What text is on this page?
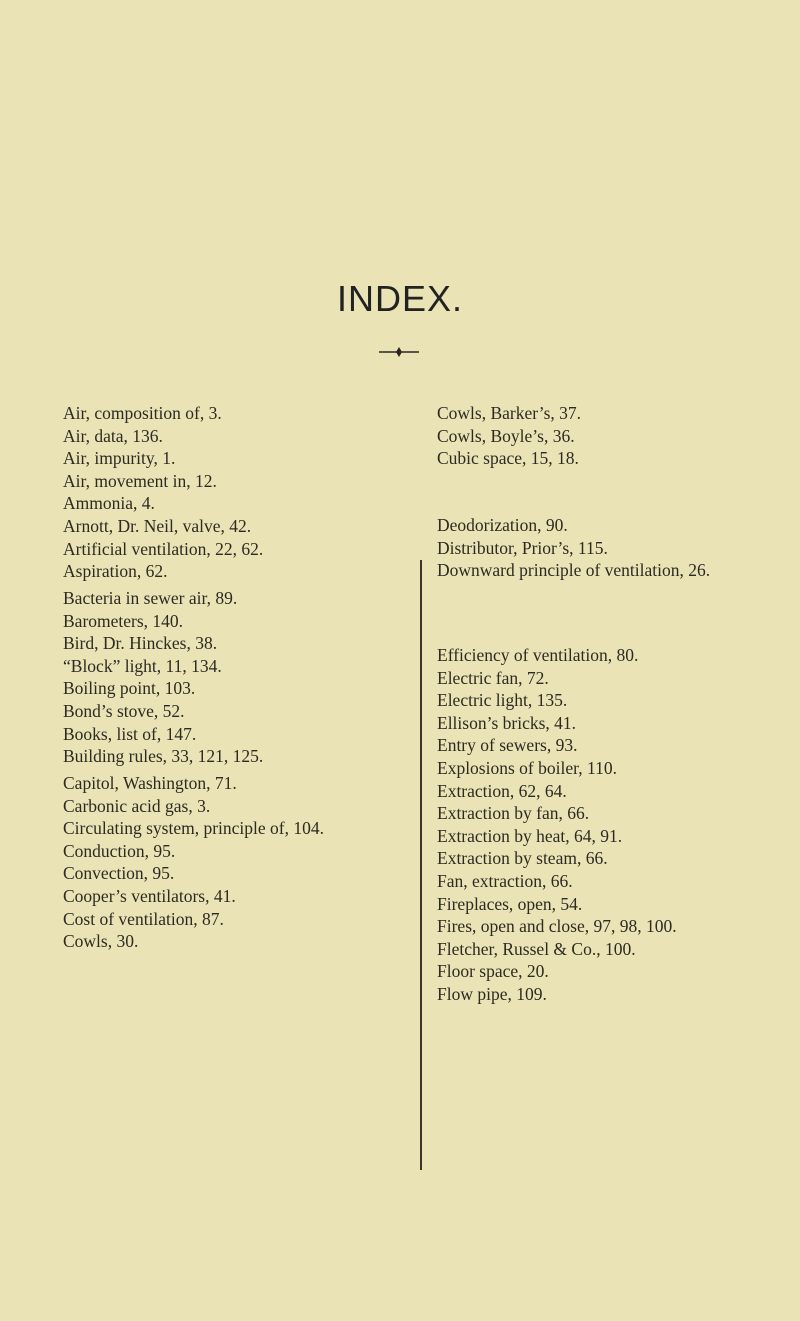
INDEX.
Air, composition of, 3.
Air, data, 136.
Air, impurity, 1.
Air, movement in, 12.
Ammonia, 4.
Arnott, Dr. Neil, valve, 42.
Artificial ventilation, 22, 62.
Aspiration, 62.
Bacteria in sewer air, 89.
Barometers, 140.
Bird, Dr. Hinckes, 38.
“Block” light, 11, 134.
Boiling point, 103.
Bond’s stove, 52.
Books, list of, 147.
Building rules, 33, 121, 125.
Capitol, Washington, 71.
Carbonic acid gas, 3.
Circulating system, principle of, 104.
Conduction, 95.
Convection, 95.
Cooper’s ventilators, 41.
Cost of ventilation, 87.
Cowls, 30.
Cowls, Barker’s, 37.
Cowls, Boyle’s, 36.
Cubic space, 15, 18.
Deodorization, 90.
Distributor, Prior’s, 115.
Downward principle of ventilation, 26.
Efficiency of ventilation, 80.
Electric fan, 72.
Electric light, 135.
Ellison’s bricks, 41.
Entry of sewers, 93.
Explosions of boiler, 110.
Extraction, 62, 64.
Extraction by fan, 66.
Extraction by heat, 64, 91.
Extraction by steam, 66.
Fan, extraction, 66.
Fireplaces, open, 54.
Fires, open and close, 97, 98, 100.
Fletcher, Russel & Co., 100.
Floor space, 20.
Flow pipe, 109.
